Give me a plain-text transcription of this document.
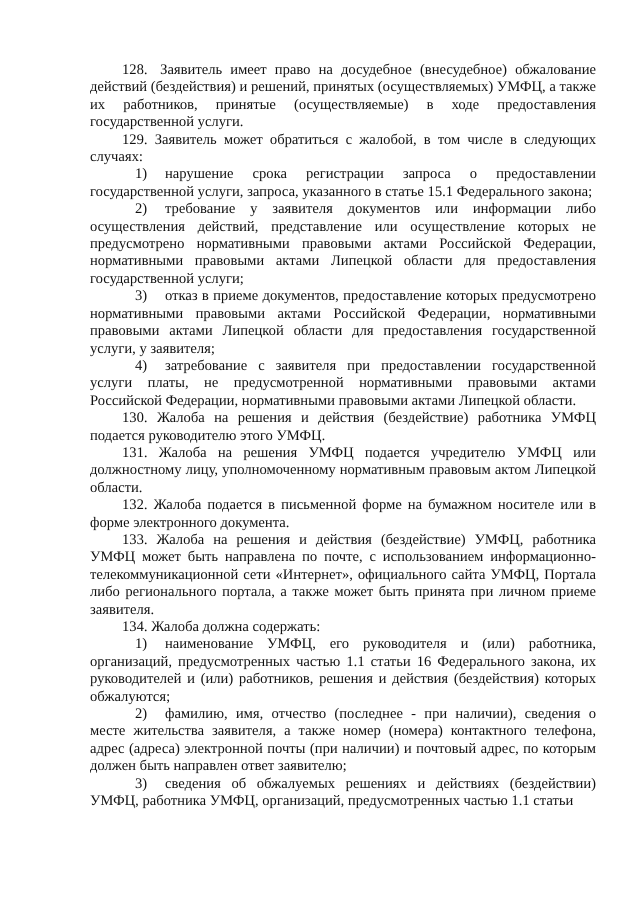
128. Заявитель имеет право на досудебное (внесудебное) обжалование действий (бездействия) и решений, принятых (осуществляемых) УМФЦ, а также их работников, принятые (осуществляемые) в ходе предоставления государственной услуги.

129. Заявитель может обратиться с жалобой, в том числе в следующих случаях:

1) нарушение срока регистрации запроса о предоставлении государственной услуги, запроса, указанного в статье 15.1 Федерального закона;

2) требование у заявителя документов или информации либо осуществления действий, представление или осуществление которых не предусмотрено нормативными правовыми актами Российской Федерации, нормативными правовыми актами Липецкой области для предоставления государственной услуги;

3) отказ в приеме документов, предоставление которых предусмотрено нормативными правовыми актами Российской Федерации, нормативными правовыми актами Липецкой области для предоставления государственной услуги, у заявителя;

4) затребование с заявителя при предоставлении государственной услуги платы, не предусмотренной нормативными правовыми актами Российской Федерации, нормативными правовыми актами Липецкой области.

130. Жалоба на решения и действия (бездействие) работника УМФЦ подается руководителю этого УМФЦ.

131. Жалоба на решения УМФЦ подается учредителю УМФЦ или должностному лицу, уполномоченному нормативным правовым актом Липецкой области.

132. Жалоба подается в письменной форме на бумажном носителе или в форме электронного документа.

133. Жалоба на решения и действия (бездействие) УМФЦ, работника УМФЦ может быть направлена по почте, с использованием информационно-телекоммуникационной сети «Интернет», официального сайта УМФЦ, Портала либо регионального портала, а также может быть принята при личном приеме заявителя.

134. Жалоба должна содержать:

1) наименование УМФЦ, его руководителя и (или) работника, организаций, предусмотренных частью 1.1 статьи 16 Федерального закона, их руководителей и (или) работников, решения и действия (бездействия) которых обжалуются;

2) фамилию, имя, отчество (последнее - при наличии), сведения о месте жительства заявителя, а также номер (номера) контактного телефона, адрес (адреса) электронной почты (при наличии) и почтовый адрес, по которым должен быть направлен ответ заявителю;

3) сведения об обжалуемых решениях и действиях (бездействии) УМФЦ, работника УМФЦ, организаций, предусмотренных частью 1.1 статьи
